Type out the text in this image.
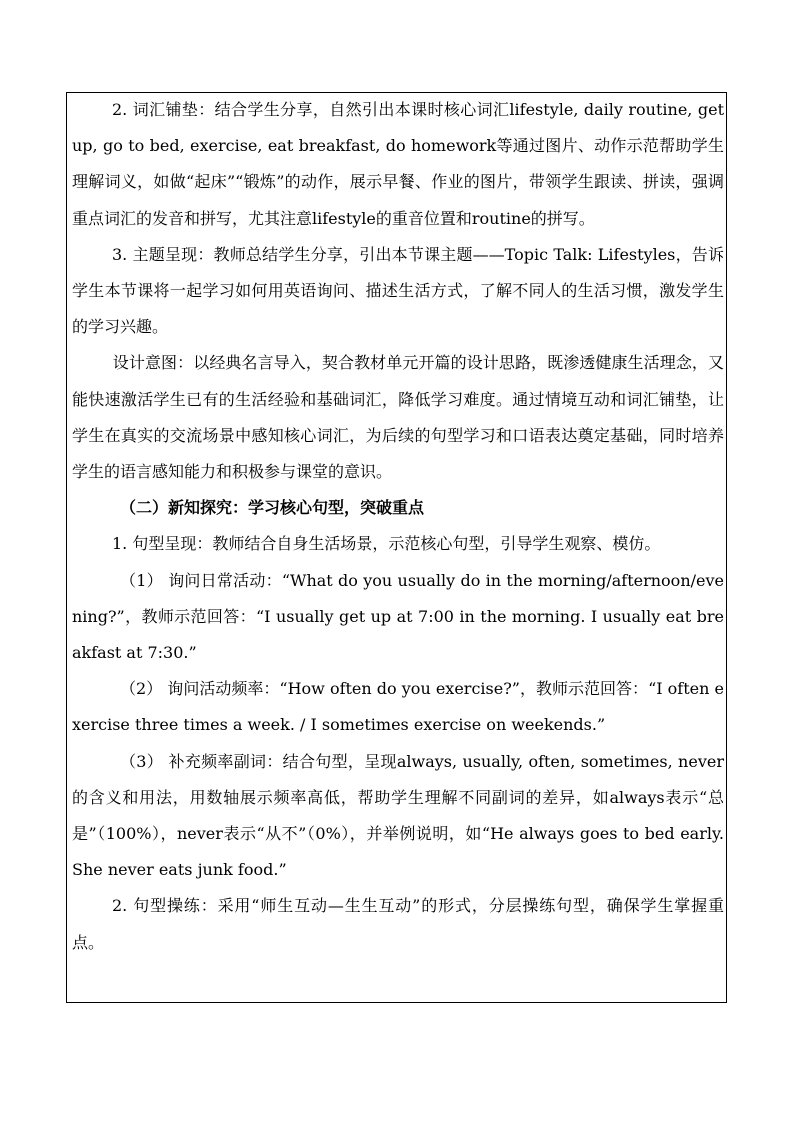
2. 词汇铺垫：结合学生分享，自然引出本课时核心词汇lifestyle, daily routine, get up, go to bed, exercise, eat breakfast, do homework等通过图片、动作示范帮助学生理解词义，如做“起床”“锻炼”的动作，展示早餐、作业的图片，带领学生跟读、拼读，强调重点词汇的发音和拼写，尤其注意lifestyle的重音位置和routine的拼写。

3. 主题呈现：教师总结学生分享，引出本节课主题——Topic Talk: Lifestyles，告诉学生本节课将一起学习如何用英语询问、描述生活方式，了解不同人的生活习惯，激发学生的学习兴趣。

设计意图：以经典名言导入，契合教材单元开篇的设计思路，既渗透健康生活理念，又能快速激活学生已有的生活经验和基础词汇，降低学习难度。通过情境互动和词汇铺垫，让学生在真实的交流场景中感知核心词汇，为后续的句型学习和口语表达奠定基础，同时培养学生的语言感知能力和积极参与课堂的意识。

（二）新知探究：学习核心句型，突破重点

1. 句型呈现：教师结合自身生活场景，示范核心句型，引导学生观察、模仿。

（1） 询问日常活动：“What do you usually do in the morning/afternoon/evening?”，教师示范回答：“I usually get up at 7:00 in the morning. I usually eat breakfast at 7:30.”

（2） 询问活动频率：“How often do you exercise?”，教师示范回答：“I often exercise three times a week. / I sometimes exercise on weekends.”

（3） 补充频率副词：结合句型，呈现always, usually, often, sometimes, never的含义和用法，用数轴展示频率高低，帮助学生理解不同副词的差异，如always表示“总是”（100%），never表示“从不”（0%），并举例说明，如“He always goes to bed early. She never eats junk food.”

2. 句型操练：采用“师生互动—生生互动”的形式，分层操练句型，确保学生掌握重点。
